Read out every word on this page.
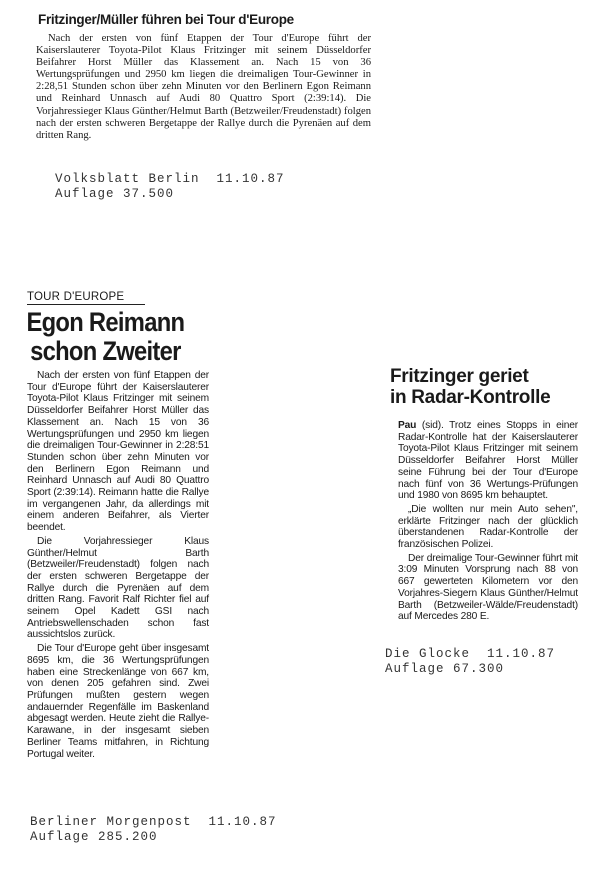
Fritzinger/Müller führen bei Tour d'Europe

Nach der ersten von fünf Etappen der Tour d'Europe führt der Kaiserslauterer Toyota-Pilot Klaus Fritzinger mit seinem Düsseldorfer Beifahrer Horst Müller das Klassement an. Nach 15 von 36 Wertungsprüfungen und 2950 km liegen die dreimaligen Tour-Gewinner in 2:28,51 Stunden schon über zehn Minuten vor den Berlinern Egon Reimann und Reinhard Unnasch auf Audi 80 Quattro Sport (2:39:14). Die Vorjahressieger Klaus Günther/Helmut Barth (Betzweiler/Freudenstadt) folgen nach der ersten schweren Bergetappe der Rallye durch die Pyrenäen auf dem dritten Rang.

Volksblatt Berlin  11.10.87
Auflage 37.500
TOUR D'EUROPE
Egon Reimann
schon Zweiter

Nach der ersten von fünf Etappen der Tour d'Europe führt der Kaiserslauterer Toyota-Pilot Klaus Fritzinger mit seinem Düsseldorfer Beifahrer Horst Müller das Klassement an. Nach 15 von 36 Wertungsprüfungen und 2950 km liegen die dreimaligen Tour-Gewinner in 2:28:51 Stunden schon über zehn Minuten vor den Berlinern Egon Reimann und Reinhard Unnasch auf Audi 80 Quattro Sport (2:39:14). Reimann hatte die Rallye im vergangenen Jahr, da allerdings mit einem anderen Beifahrer, als Vierter beendet.

Die Vorjahressieger Klaus Günther/Helmut Barth (Betzweiler/Freudenstadt) folgen nach der ersten schweren Bergetappe der Rallye durch die Pyrenäen auf dem dritten Rang. Favorit Ralf Richter fiel auf seinem Opel Kadett GSI nach Antriebswellenschaden schon fast aussichtslos zurück.

Die Tour d'Europe geht über insgesamt 8695 km, die 36 Wertungsprüfungen haben eine Streckenlänge von 667 km, von denen 205 gefahren sind. Zwei Prüfungen mußten gestern wegen andauernder Regenfälle im Baskenland abgesagt werden. Heute zieht die Rallye-Karawane, in der insgesamt sieben Berliner Teams mitfahren, in Richtung Portugal weiter.

Berliner Morgenpost  11.10.87
Auflage 285.200
Fritzinger geriet
in Radar-Kontrolle

Pau (sid). Trotz eines Stopps in einer Radar-Kontrolle hat der Kaiserslauterer Toyota-Pilot Klaus Fritzinger mit seinem Düsseldorfer Beifahrer Horst Müller seine Führung bei der Tour d'Europe nach fünf von 36 Wertungs-Prüfungen und 1980 von 8695 km behauptet.

„Die wollten nur mein Auto sehen", erklärte Fritzinger nach der glücklich überstandenen Radar-Kontrolle der französischen Polizei.

Der dreimalige Tour-Gewinner führt mit 3:09 Minuten Vorsprung nach 88 von 667 gewerteten Kilometern vor den Vorjahres-Siegern Klaus Günther/Helmut Barth (Betzweiler-Wälde/Freudenstadt) auf Mercedes 280 E.

Die Glocke  11.10.87
Auflage 67.300
